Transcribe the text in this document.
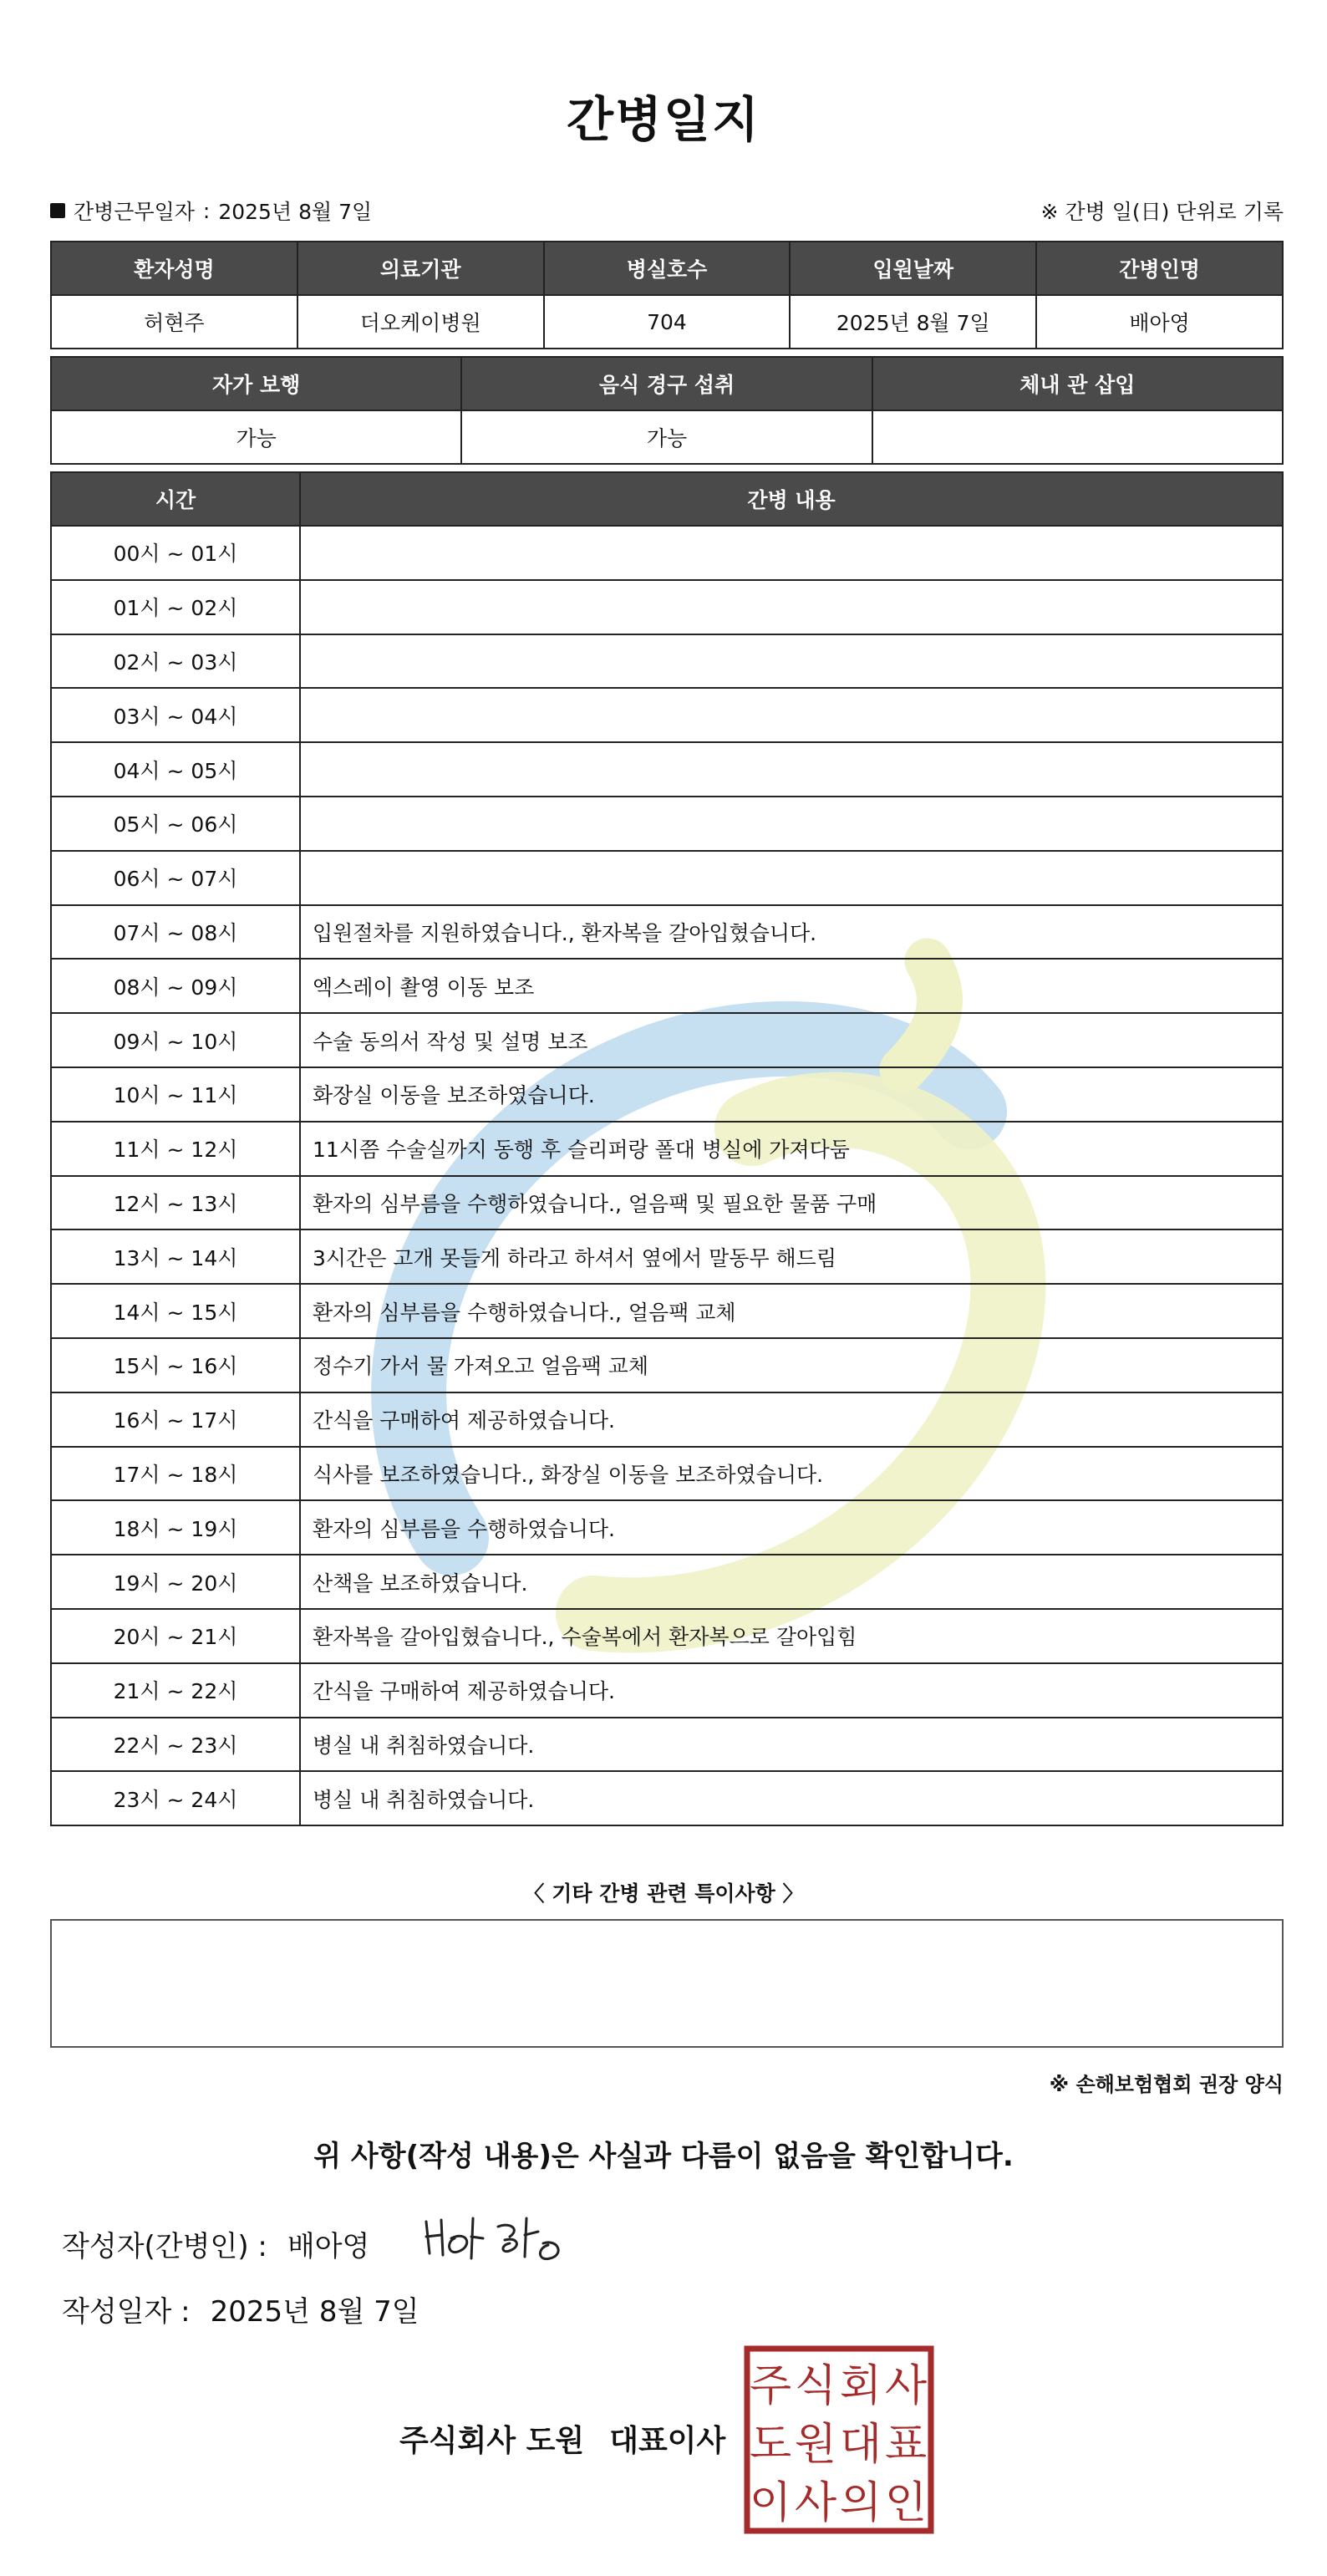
간병일지
간병근무일자 : 2025년 8월 7일	※ 간병 일(日) 단위로 기록
환자성명	의료기관	병실호수	입원날짜	간병인명
허현주	더오케이병원	704	2025년 8월 7일	배아영
자가 보행	음식 경구 섭취	체내 관 삽입
가능	가능	
시간	간병 내용
00시 ~ 01시	
01시 ~ 02시	
02시 ~ 03시	
03시 ~ 04시	
04시 ~ 05시	
05시 ~ 06시	
06시 ~ 07시	
07시 ~ 08시	입원절차를 지원하였습니다., 환자복을 갈아입혔습니다.
08시 ~ 09시	엑스레이 촬영 이동 보조
09시 ~ 10시	수술 동의서 작성 및 설명 보조
10시 ~ 11시	화장실 이동을 보조하였습니다.
11시 ~ 12시	11시쯤 수술실까지 동행 후 슬리퍼랑 폴대 병실에 가져다둠
12시 ~ 13시	환자의 심부름을 수행하였습니다., 얼음팩 및 필요한 물품 구매
13시 ~ 14시	3시간은 고개 못들게 하라고 하셔서 옆에서 말동무 해드림
14시 ~ 15시	환자의 심부름을 수행하였습니다., 얼음팩 교체
15시 ~ 16시	정수기 가서 물 가져오고 얼음팩 교체
16시 ~ 17시	간식을 구매하여 제공하였습니다.
17시 ~ 18시	식사를 보조하였습니다., 화장실 이동을 보조하였습니다.
18시 ~ 19시	환자의 심부름을 수행하였습니다.
19시 ~ 20시	산책을 보조하였습니다.
20시 ~ 21시	환자복을 갈아입혔습니다., 수술복에서 환자복으로 갈아입힘
21시 ~ 22시	간식을 구매하여 제공하였습니다.
22시 ~ 23시	병실 내 취침하였습니다.
23시 ~ 24시	병실 내 취침하였습니다.
〈 기타 간병 관련 특이사항 〉
※ 손해보험협회 권장 양식
위 사항(작성 내용)은 사실과 다름이 없음을 확인합니다.
작성자(간병인) : 배아영
작성일자 : 2025년 8월 7일
주식회사 도원 대표이사
주 식 회 사
도 원 대 표
이 사 의 인
